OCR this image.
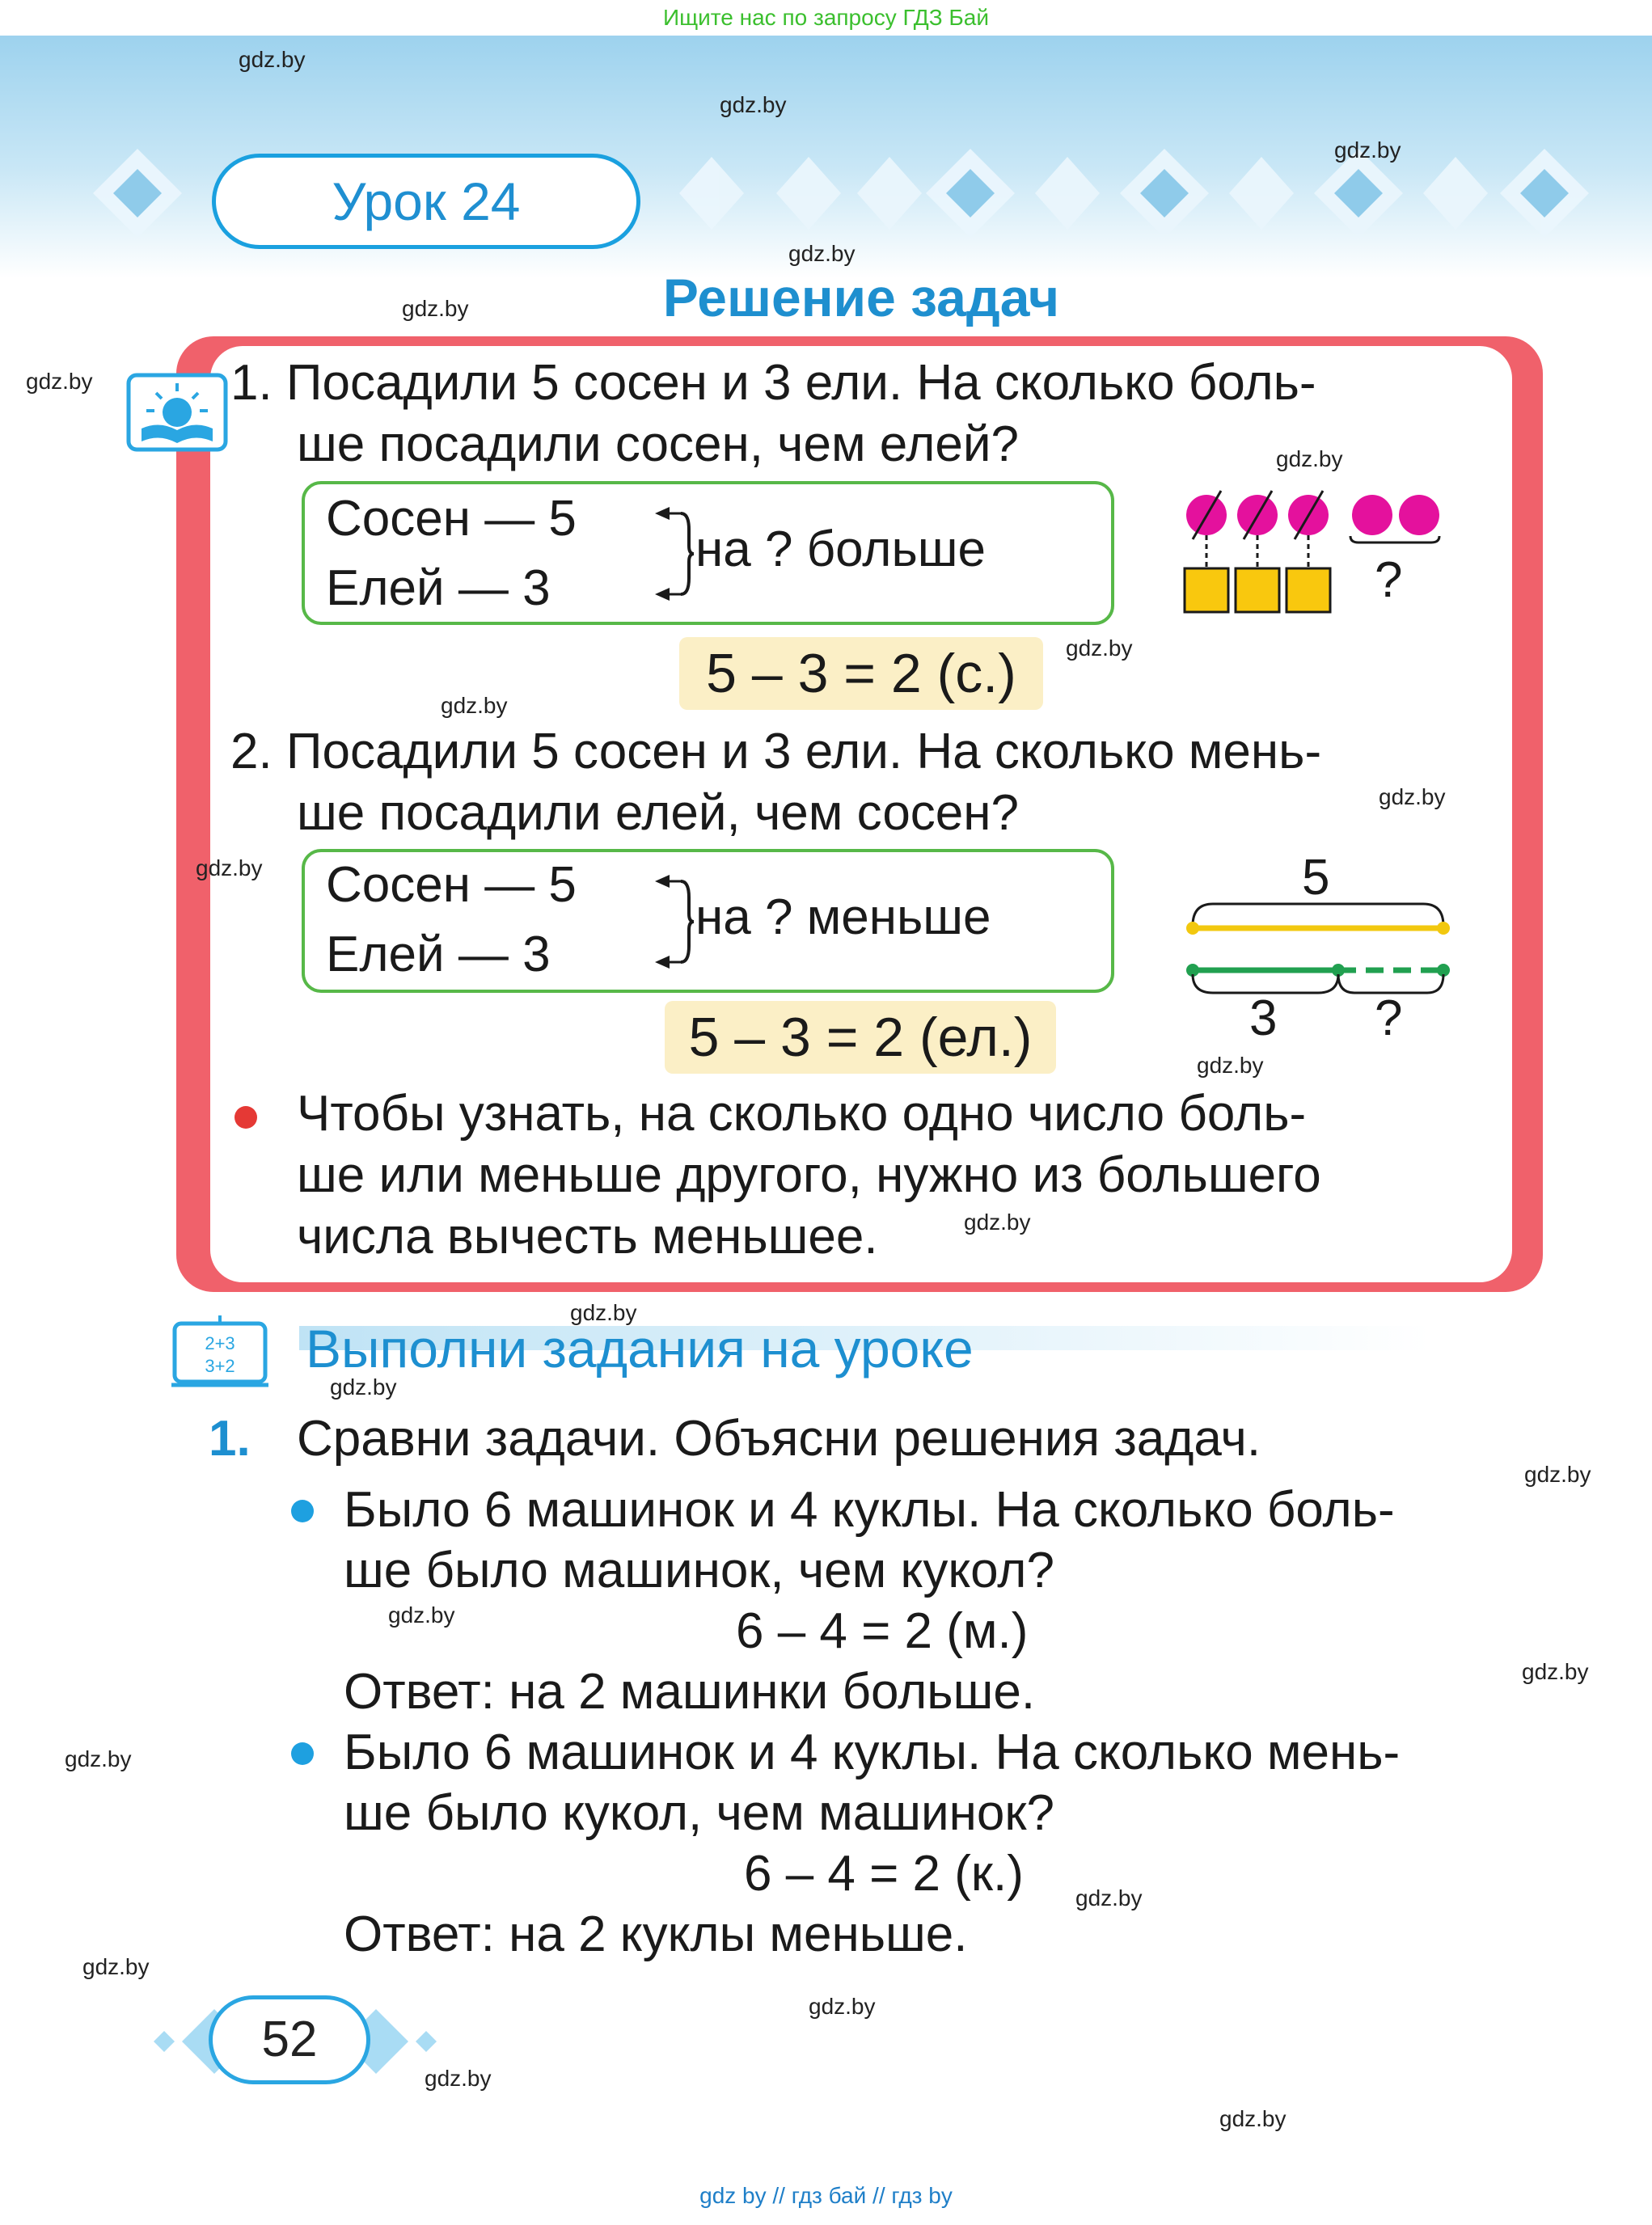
Ищите нас по запросу ГДЗ Бай
Урок 24
Решение задач
gdz.by
gdz.by
gdz.by
gdz.by
gdz.by
gdz.by	1. Посадили 5 сосен и 3 ели. На сколько боль-
ше посадили сосен, чем елей?	gdz.by
Сосен — 5
Елей — 3
на ? больше
?
5 – 3 = 2 (с.)	gdz.by
gdz.by
2. Посадили 5 сосен и 3 ели. На сколько мень-
ше посадили елей, чем сосен?	gdz.by
gdz.by Сосен — 5
Елей — 3
на ? меньше
5
3 ?
gdz.by
5 – 3 = 2 (ел.)
Чтобы узнать, на сколько одно число боль-
ше или меньше другого, нужно из большего
числа вычесть меньшее.	gdz.by
gdz.by
2+3
3+2 Выполни задания на уроке
gdz.by
1. Сравни задачи. Объясни решения задач.
gdz.by
Было 6 машинок и 4 куклы. На сколько боль-
ше было машинок, чем кукол?
gdz.by	6 – 4 = 2 (м.)
gdz.by
Ответ: на 2 машинки больше.
gdz.by	Было 6 машинок и 4 куклы. На сколько мень-
ше было кукол, чем машинок?
6 – 4 = 2 (к.) gdz.by
Ответ: на 2 куклы меньше.
gdz.by
52
gdz.by
gdz.by
gdz.by
gdz by // гдз бай // гдз by
